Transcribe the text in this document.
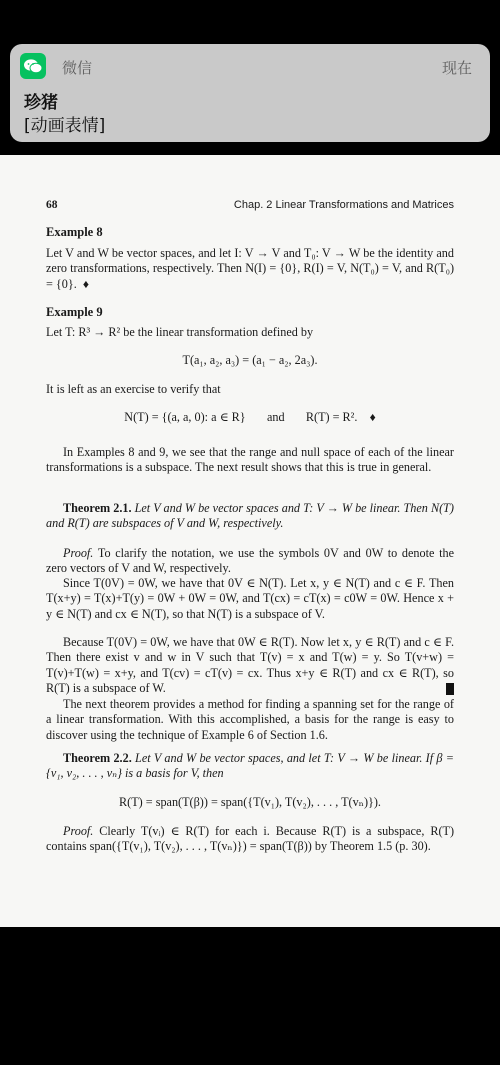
微信	现在
珍猪
[动画表情]
68	Chap. 2 Linear Transformations and Matrices
Example 8
Let V and W be vector spaces, and let I: V → V and T₀: V → W be the identity and zero transformations, respectively. Then N(I) = {0}, R(I) = V, N(T₀) = V, and R(T₀) = {0}. ♦
Example 9
Let T: R³ → R² be the linear transformation defined by
T(a₁, a₂, a₃) = (a₁ − a₂, 2a₃).
It is left as an exercise to verify that
N(T) = {(a, a, 0): a ∈ R} and R(T) = R². ♦
In Examples 8 and 9, we see that the range and null space of each of the linear transformations is a subspace. The next result shows that this is true in general.
Theorem 2.1. Let V and W be vector spaces and T: V → W be linear. Then N(T) and R(T) are subspaces of V and W, respectively.
Proof. To clarify the notation, we use the symbols 0V and 0W to denote the zero vectors of V and W, respectively.
Since T(0V) = 0W, we have that 0V ∈ N(T). Let x, y ∈ N(T) and c ∈ F. Then T(x+y) = T(x)+T(y) = 0W + 0W = 0W, and T(cx) = cT(x) = c0W = 0W. Hence x + y ∈ N(T) and cx ∈ N(T), so that N(T) is a subspace of V.
Because T(0V) = 0W, we have that 0W ∈ R(T). Now let x, y ∈ R(T) and c ∈ F. Then there exist v and w in V such that T(v) = x and T(w) = y. So T(v+w) = T(v)+T(w) = x+y, and T(cv) = cT(v) = cx. Thus x+y ∈ R(T) and cx ∈ R(T), so R(T) is a subspace of W.
The next theorem provides a method for finding a spanning set for the range of a linear transformation. With this accomplished, a basis for the range is easy to discover using the technique of Example 6 of Section 1.6.
Theorem 2.2. Let V and W be vector spaces, and let T: V → W be linear. If β = {v₁, v₂, . . . , vₙ} is a basis for V, then
R(T) = span(T(β)) = span({T(v₁), T(v₂), . . . , T(vₙ)}).
Proof. Clearly T(vᵢ) ∈ R(T) for each i. Because R(T) is a subspace, R(T) contains span({T(v₁), T(v₂), . . . , T(vₙ)}) = span(T(β)) by Theorem 1.5 (p. 30).
